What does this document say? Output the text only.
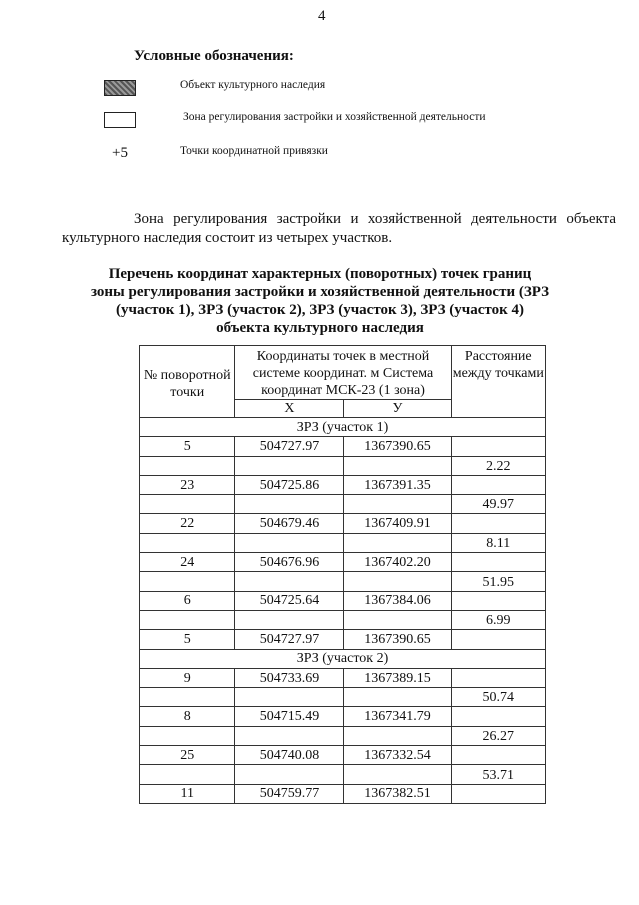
4
Условные обозначения:
Объект культурного наследия
Зона регулирования застройки и хозяйственной деятельности
+5	Точки координатной привязки
Зона регулирования застройки и хозяйственной деятельности объекта культурного наследия состоит из четырех участков.
Перечень координат характерных (поворотных) точек границ зоны регулирования застройки и хозяйственной деятельности (ЗРЗ (участок 1), ЗРЗ (участок 2), ЗРЗ (участок 3), ЗРЗ (участок 4) объекта культурного наследия
№ поворотной точки	Координаты точек в местной системе координат. м Система координат МСК-23 (1 зона)		Расстояние между точками
	X	У	
ЗРЗ (участок 1)			
5	504727.97	1367390.65	
			2.22
23	504725.86	1367391.35	
			49.97
22	504679.46	1367409.91	
			8.11
24	504676.96	1367402.20	
			51.95
6	504725.64	1367384.06	
			6.99
5	504727.97	1367390.65	
ЗРЗ (участок 2)			
9	504733.69	1367389.15	
			50.74
8	504715.49	1367341.79	
			26.27
25	504740.08	1367332.54	
			53.71
11	504759.77	1367382.51	
